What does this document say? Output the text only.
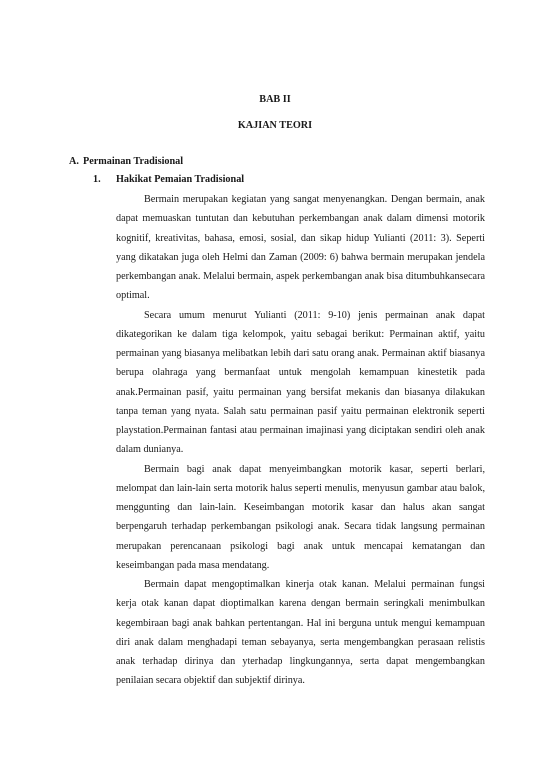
BAB II
KAJIAN TEORI
A. Permainan Tradisional
1. Hakikat Pemaian Tradisional

Bermain merupakan kegiatan yang sangat menyenangkan. Dengan bermain, anak dapat memuaskan tuntutan dan kebutuhan perkembangan anak dalam dimensi motorik kognitif, kreativitas, bahasa, emosi, sosial, dan sikap hidup Yulianti (2011: 3). Seperti yang dikatakan juga oleh Helmi dan Zaman (2009: 6) bahwa bermain merupakan jendela perkembangan anak. Melalui bermain, aspek perkembangan anak bisa ditumbuhkansecara optimal.

Secara umum menurut Yulianti (2011: 9-10) jenis permainan anak dapat dikategorikan ke dalam tiga kelompok, yaitu sebagai berikut: Permainan aktif, yaitu permainan yang biasanya melibatkan lebih dari satu orang anak. Permainan aktif biasanya berupa olahraga yang bermanfaat untuk mengolah kemampuan kinestetik pada anak.Permainan pasif, yaitu permainan yang bersifat mekanis dan biasanya dilakukan tanpa teman yang nyata. Salah satu permainan pasif yaitu permainan elektronik seperti playstation.Permainan fantasi atau permainan imajinasi yang diciptakan sendiri oleh anak dalam dunianya.

Bermain bagi anak dapat menyeimbangkan motorik kasar, seperti berlari, melompat dan lain-lain serta motorik halus seperti menulis, menyusun gambar atau balok, menggunting dan lain-lain. Keseimbangan motorik kasar dan halus akan sangat berpengaruh terhadap perkembangan psikologi anak. Secara tidak langsung permainan merupakan perencanaan psikologi bagi anak untuk mencapai kematangan dan keseimbangan pada masa mendatang.

Bermain dapat mengoptimalkan kinerja otak kanan. Melalui permainan fungsi kerja otak kanan dapat dioptimalkan karena dengan bermain seringkali menimbulkan kegembiraan bagi anak bahkan pertentangan. Hal ini berguna untuk mengui kemampuan diri anak dalam menghadapi teman sebayanya, serta mengembangkan perasaan relistis anak terhadap dirinya dan yterhadap lingkungannya, serta dapat mengembangkan penilaian secara objektif dan subjektif dirinya.
